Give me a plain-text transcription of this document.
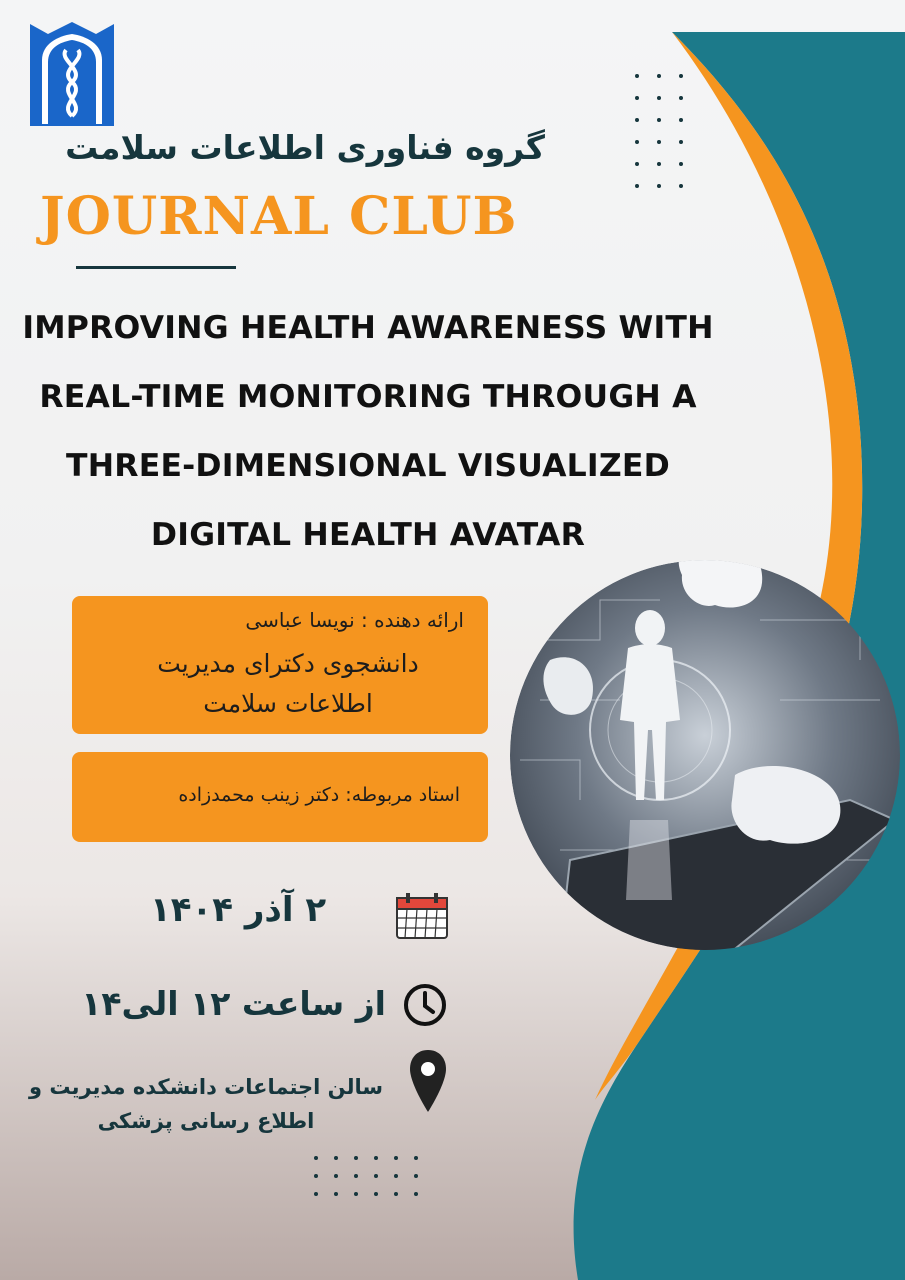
گروه فناوری اطلاعات سلامت
JOURNAL CLUB
IMPROVING HEALTH AWARENESS WITH
REAL-TIME MONITORING THROUGH A
THREE-DIMENSIONAL VISUALIZED
DIGITAL HEALTH AVATAR
ارائه دهنده : نویسا عباسی
دانشجوی دکترای مدیریت
اطلاعات سلامت
استاد مربوطه: دکتر زینب محمدزاده
۲ آذر ۱۴۰۴
از ساعت ۱۲ الی۱۴
سالن اجتماعات دانشکده مدیریت و
اطلاع رسانی پزشکی
